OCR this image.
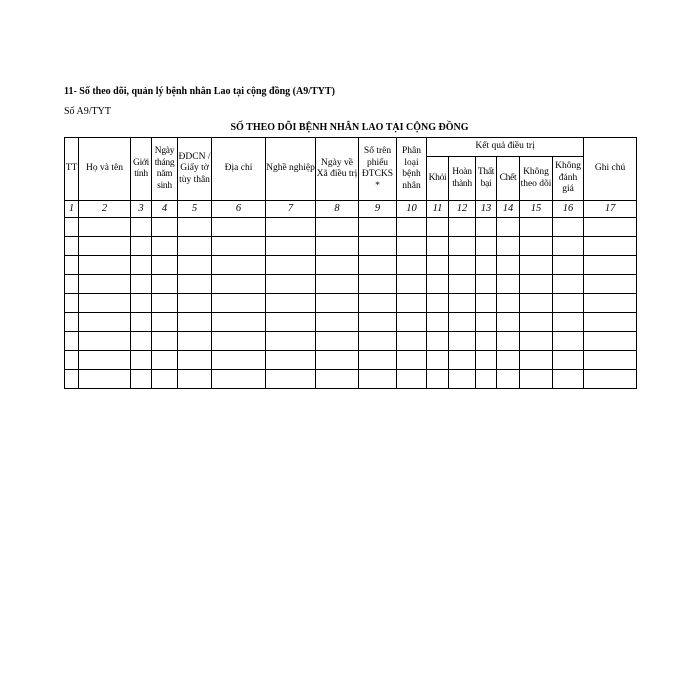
11- Sổ theo dõi, quản lý bệnh nhân Lao tại cộng đồng (A9/TYT)
Số A9/TYT
SỐ THEO DÕI BỆNH NHÂN LAO TẠI CỘNG ĐỒNG
TT	Họ và tên	Giới tính	Ngày tháng năm sinh	ĐDCN / Giấy tờ tùy thân	Địa chỉ	Nghề nghiệp	Ngày về Xã điều trị	Số trên phiếu ĐTCKS *	Phân loại bệnh nhân	Kết quả điều trị						Ghi chú

										Khỏi	Hoàn thành	Thất bại	Chết	Không theo dõi	Không đánh giá	

1	2	3	4	5	6	7	8	9	10	11	12	13	14	15	16	17
